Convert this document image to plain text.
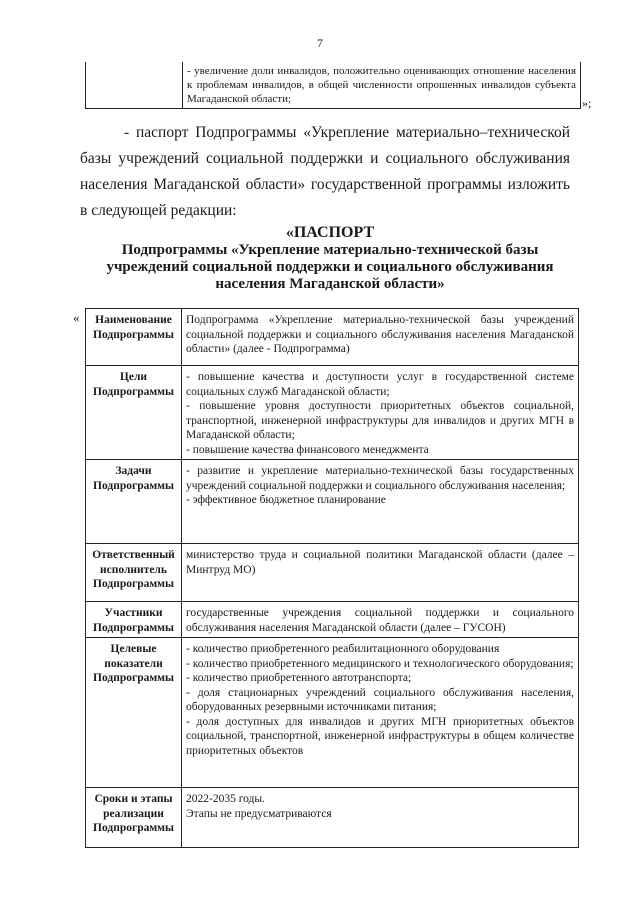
7
- увеличение доли инвалидов, положительно оценивающих отношение населения к проблемам инвалидов, в общей численности опрошенных инвалидов субъекта Магаданской области;	»;
- паспорт Подпрограммы «Укрепление материально–технической базы учреждений социальной поддержки и социального обслуживания населения Магаданской области» государственной программы изложить в следующей редакции:
«ПАСПОРТ
Подпрограммы «Укрепление материально-технической базы учреждений социальной поддержки и социального обслуживания населения Магаданской области»
« Наименование Подпрограммы	Подпрограмма «Укрепление материально-технической базы учреждений социальной поддержки и социального обслуживания населения Магаданской области» (далее - Подпрограмма)

Цели Подпрограммы	- повышение качества и доступности услуг в государственной системе социальных служб Магаданской области;
- повышение уровня доступности приоритетных объектов социальной, транспортной, инженерной инфраструктуры для инвалидов и других МГН в Магаданской области;
- повышение качества финансового менеджмента

Задачи Подпрограммы	- развитие и укрепление материально-технической базы государственных учреждений социальной поддержки и социального обслуживания населения;
- эффективное бюджетное планирование

Ответственный исполнитель Подпрограммы	министерство труда и социальной политики Магаданской области (далее – Минтруд МО)

Участники Подпрограммы	государственные учреждения социальной поддержки и социального обслуживания населения Магаданской области (далее – ГУСОН)

Целевые показатели Подпрограммы	- количество приобретенного реабилитационного оборудования
- количество приобретенного медицинского и технологического оборудования;
- количество приобретенного автотранспорта;
- доля стационарных учреждений социального обслуживания населения, оборудованных резервными источниками питания;
- доля доступных для инвалидов и других МГН приоритетных объектов социальной, транспортной, инженерной инфраструктуры в общем количестве приоритетных объектов

Сроки и этапы реализации Подпрограммы	2022-2035 годы.
Этапы не предусматриваются
